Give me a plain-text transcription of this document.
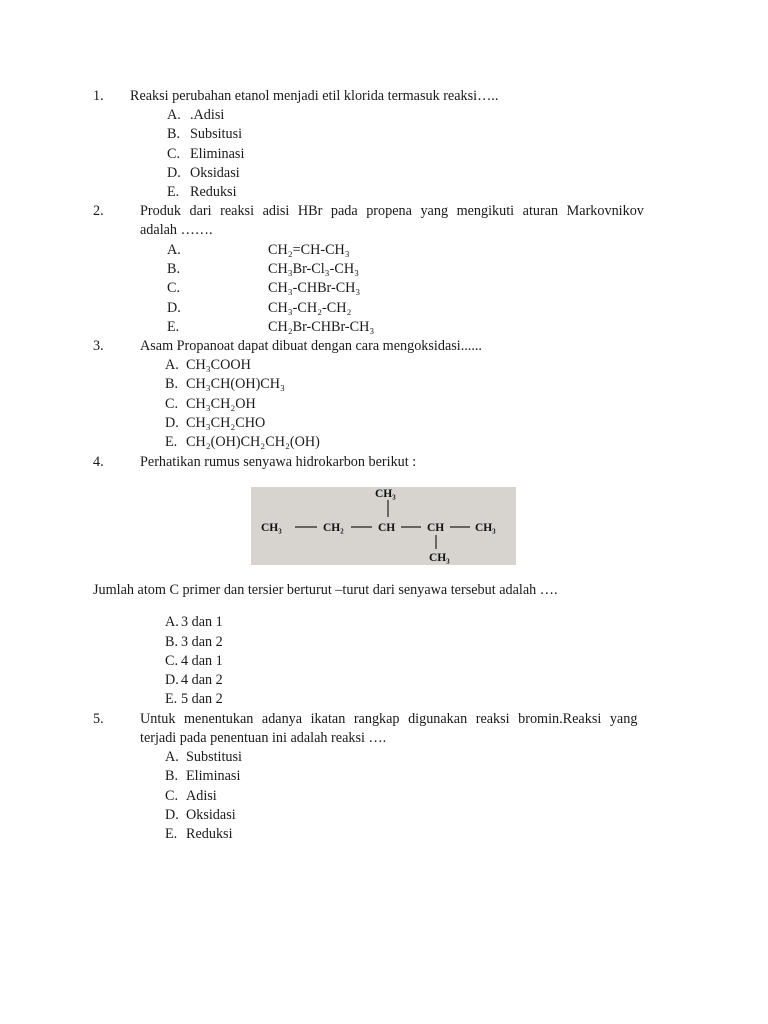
1. Reaksi perubahan etanol menjadi etil klorida termasuk reaksi…..
A. .Adisi
B. Subsitusi
C. Eliminasi
D. Oksidasi
E. Reduksi
2.	Produk dari reaksi adisi HBr pada propena yang mengikuti aturan Markovnikov
adalah …….
A.	CH₂=CH-CH₃
B.	CH₃Br-Cl₃-CH₃
C.	CH₃-CHBr-CH₃
D.	CH₃-CH₂-CH₂
E.	CH₂Br-CHBr-CH₃
3.	Asam Propanoat dapat dibuat dengan cara mengoksidasi......
A. CH₃COOH
B. CH₃CH(OH)CH₃
C. CH₃CH₂OH
D. CH₃CH₂CHO
E. CH₂(OH)CH₂CH₂(OH)
4.	Perhatikan rumus senyawa hidrokarbon berikut :
CH₃
CH₃	CH₂	CH	CH	CH₃
CH₃
Jumlah atom C primer dan tersier berturut –turut dari senyawa tersebut adalah ….
A. 3 dan 1
B. 3 dan 2
C. 4 dan 1
D. 4 dan 2
E. 5 dan 2
5.	Untuk menentukan adanya ikatan rangkap digunakan reaksi bromin.Reaksi yang
terjadi pada penentuan ini adalah reaksi ….
A. Substitusi
B. Eliminasi
C. Adisi
D. Oksidasi
E. Reduksi
